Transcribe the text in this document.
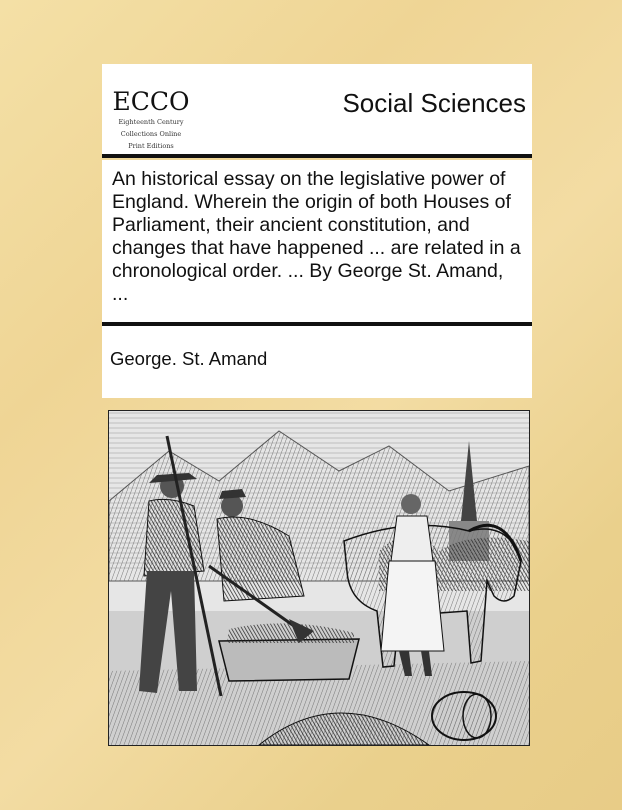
E C C O
Eighteenth Century
Collections Online
Print Editions
Social Sciences
An historical essay on the legislative power of England. Wherein the origin of both Houses of Parliament, their ancient constitution, and changes that have happened ... are related in a chronological order. ... By George St. Amand, ...
George. St. Amand
